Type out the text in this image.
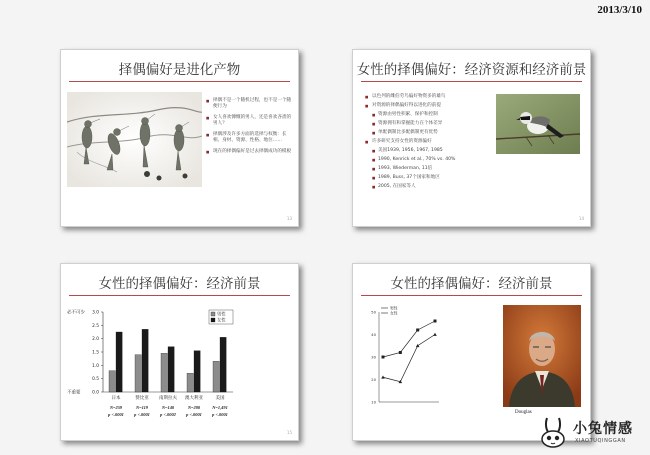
2013/3/10
择偶偏好是进化产物
■ 择偶不是一个随机过程，也不是一个随便行为
■ 女人喜欢慷慨的男人，还是喜欢吝啬的男人？
■ 择偶涉及许多方面的选择与权衡：长相、身材、资源、性格、地位……
■ 现在的择偶偏好是过去择偶成功的模板
13
女性的择偶偏好：经济资源和经济前景
■ 以色列的雌伯劳鸟偏好物资多的雄鸟
■ 对资源的择偶偏好得以进化的前提
■ 资源由男性积累、保护和控制
■ 资源拥有和掌握能力在个体差异
■ 单配偶制比多配偶制更有优势
■ 许多研究支持女性的资源偏好
■ 美国1939, 1956, 1967, 1985
■ 1990, Kenrick et al., 70% vs. 40%
■ 1993, Wiederman, 11倍
■ 1989, Buss, 37个国家和地区
■ 2005, 在国家等人
14
女性的择偶偏好：经济前景
3.0
2.5
2.0
1.5
1.0
0.5
0.0
必不可少
不重要
日本
N=259
p <.0001
赞比亚
N=119
p <.0001
南斯拉夫
N=140
p <.0002
澳大利亚
N=280
p <.0001
美国
N=1,491
p <.0001
男性
女性
15
女性的择偶偏好：经济前景
50
40
30
20
10
男性
女性
Douglas
小兔情感
XIAOTUQINGGAN
